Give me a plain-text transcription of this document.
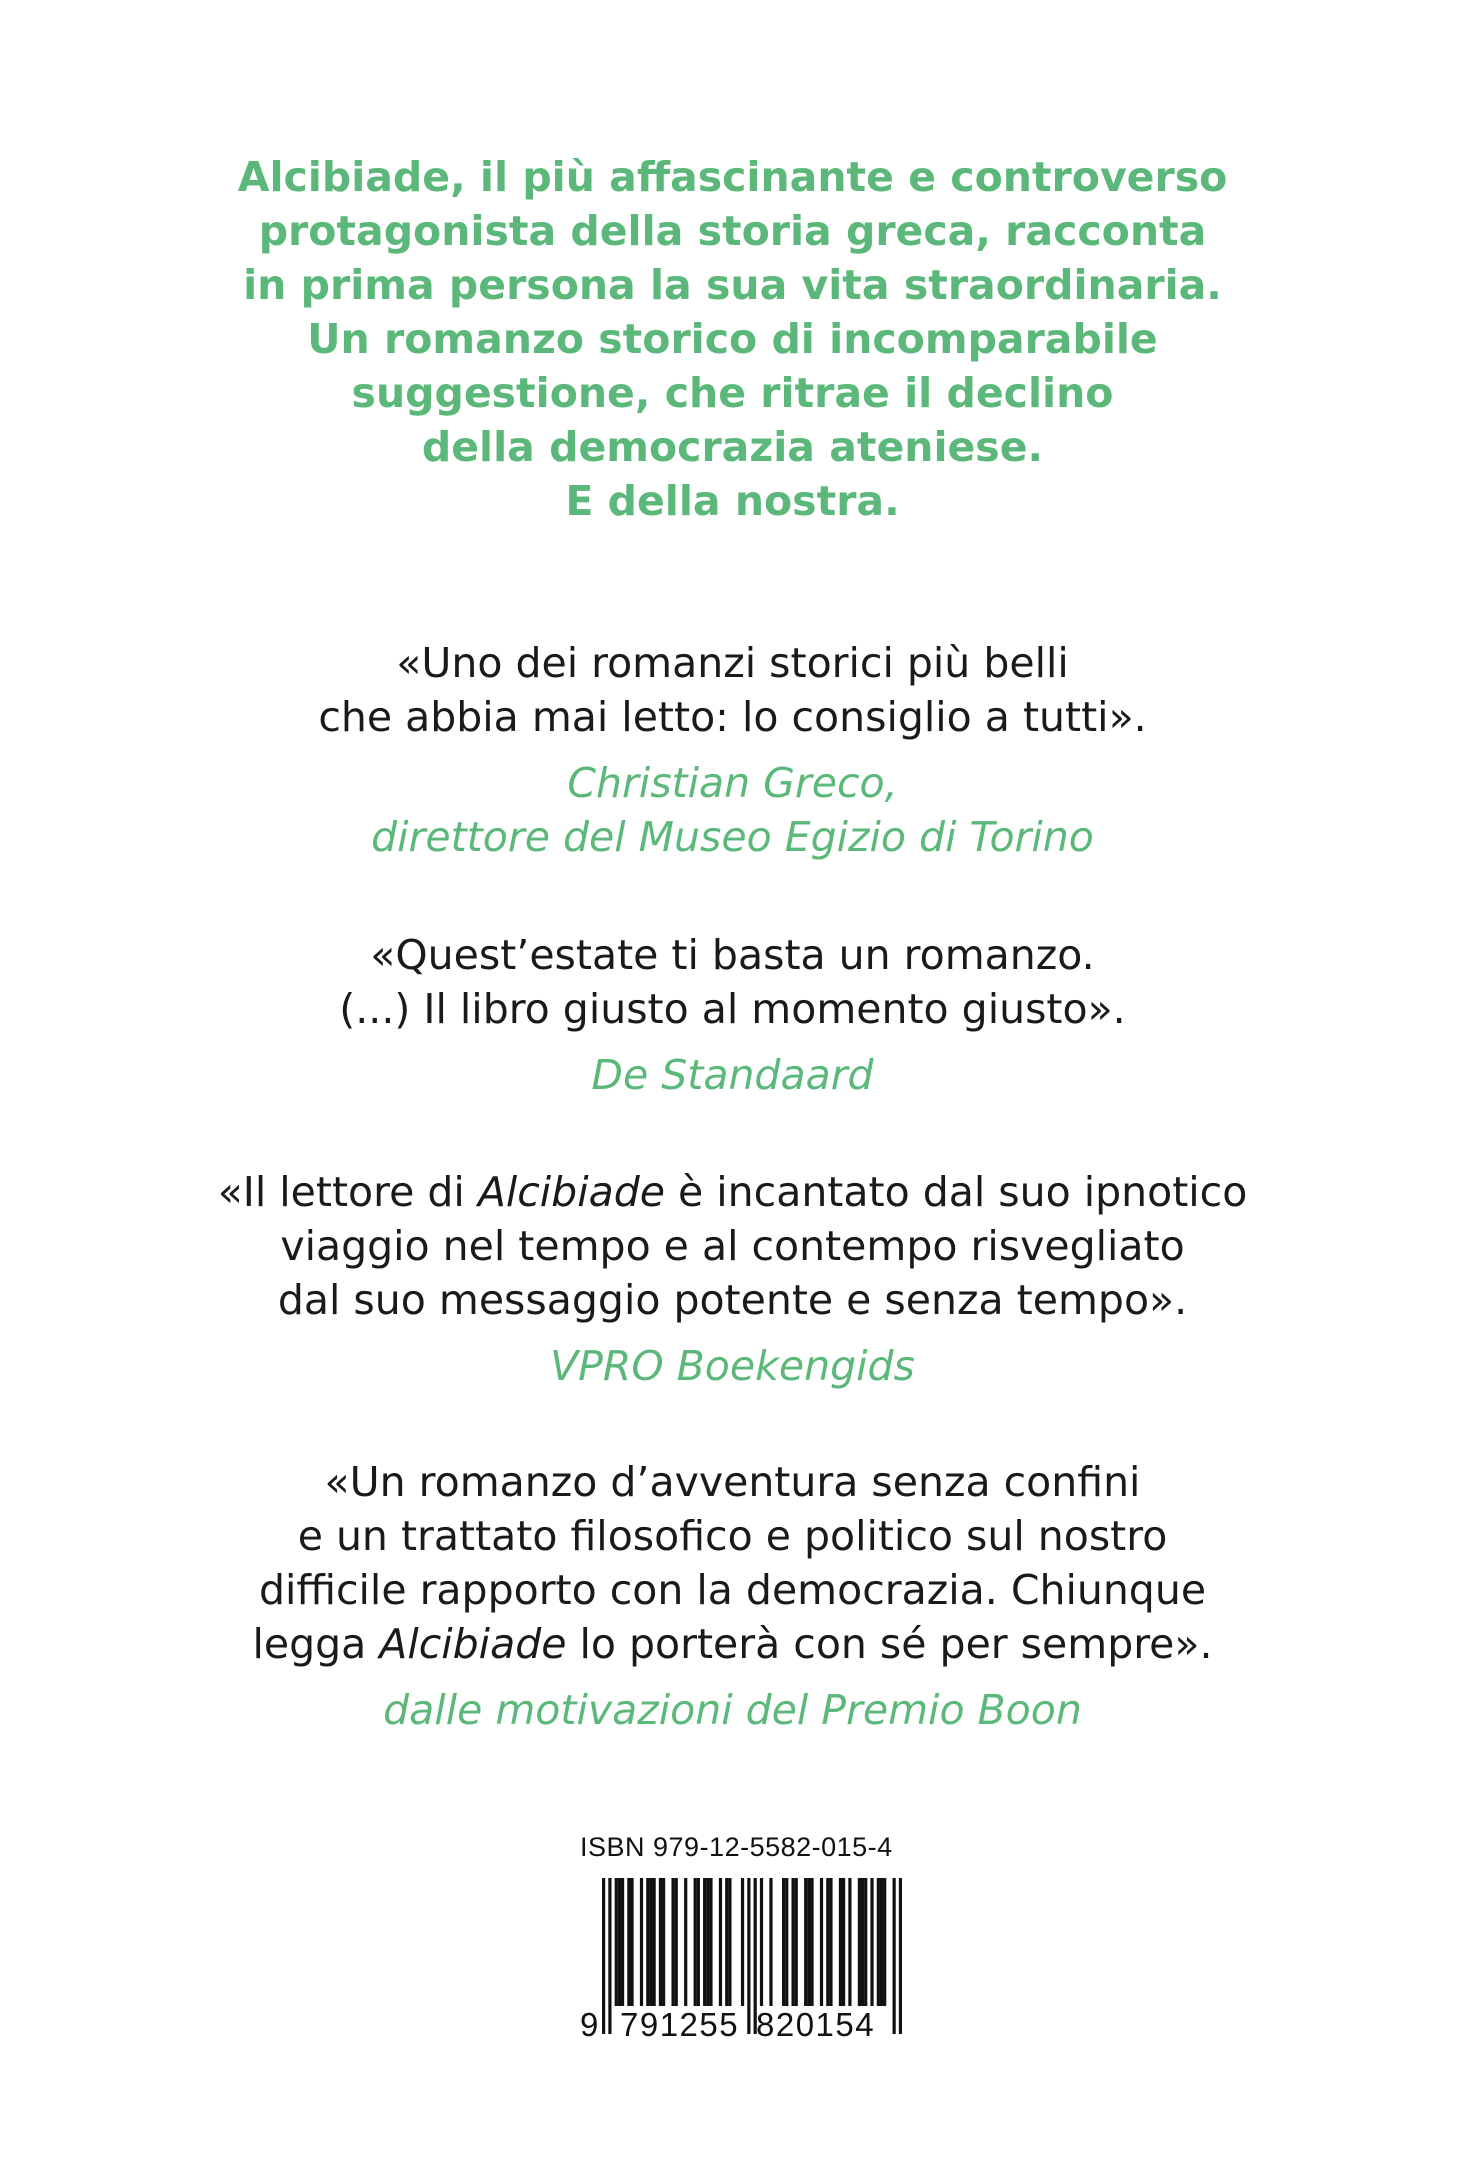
Alcibiade, il più affascinante e controverso
protagonista della storia greca, racconta
in prima persona la sua vita straordinaria.
Un romanzo storico di incomparabile
suggestione, che ritrae il declino
della democrazia ateniese.
E della nostra.
«Uno dei romanzi storici più belli
che abbia mai letto: lo consiglio a tutti».
Christian Greco,
direttore del Museo Egizio di Torino
«Quest’estate ti basta un romanzo.
(...) Il libro giusto al momento giusto».
De Standaard
«Il lettore di Alcibiade è incantato dal suo ipnotico
viaggio nel tempo e al contempo risvegliato
dal suo messaggio potente e senza tempo».
VPRO Boekengids
«Un romanzo d’avventura senza confini
e un trattato filosofico e politico sul nostro
difficile rapporto con la democrazia. Chiunque
legga Alcibiade lo porterà con sé per sempre».
dalle motivazioni del Premio Boon
ISBN 979-12-5582-015-4
9 791255 820154
